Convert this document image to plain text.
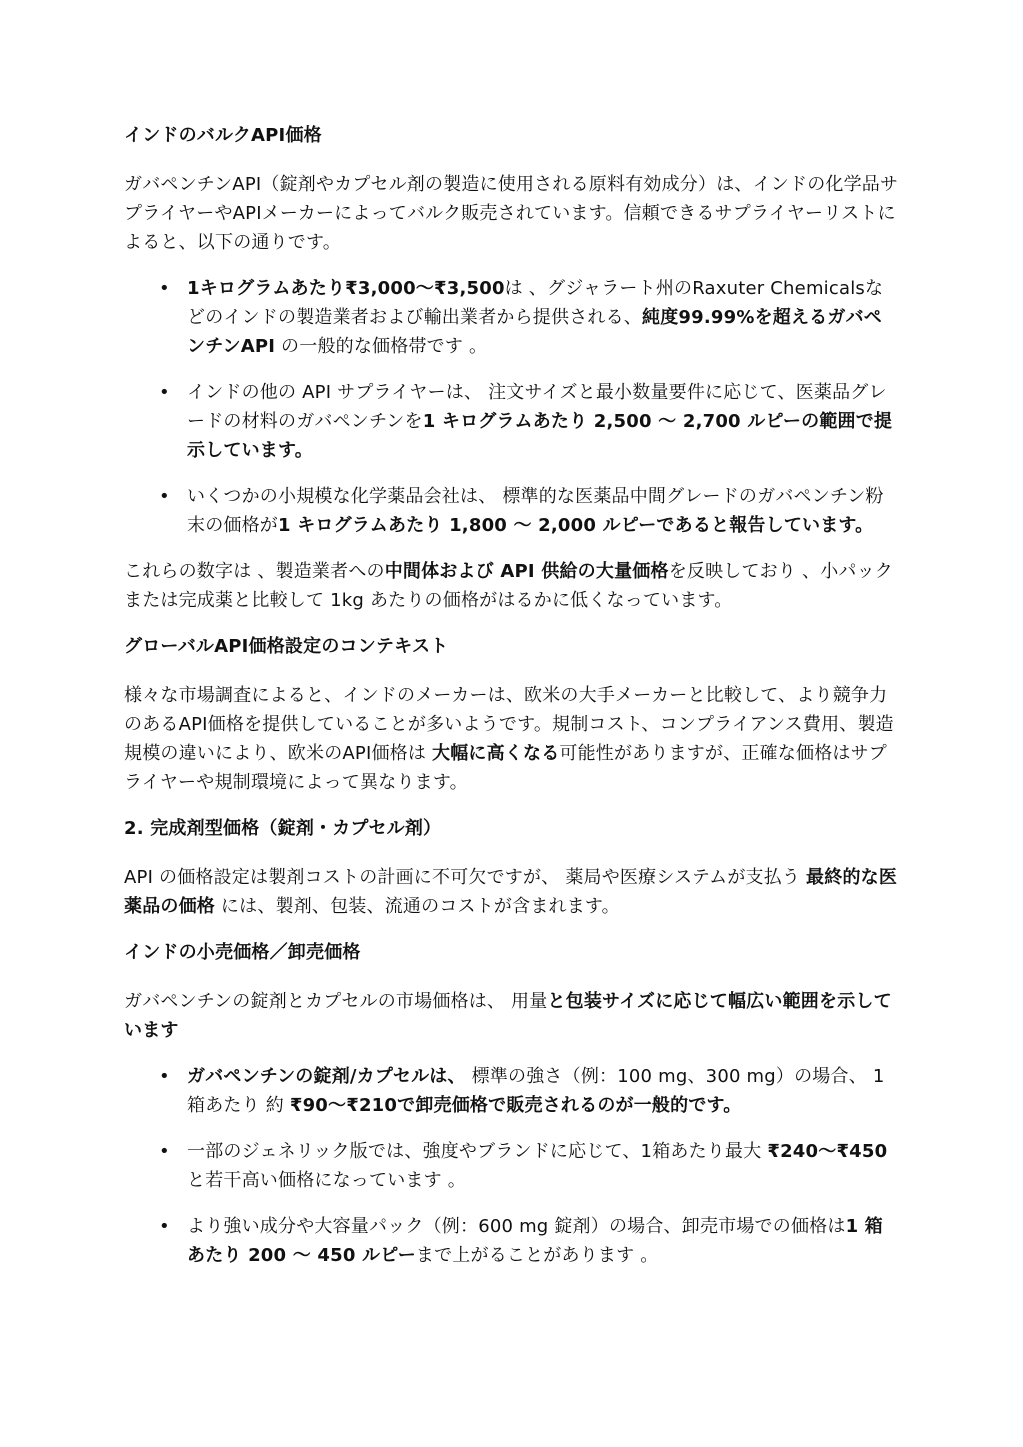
インドのバルクAPI価格

ガバペンチンAPI（錠剤やカプセル剤の製造に使用される原料有効成分）は、インドの化学品サプライヤーやAPIメーカーによってバルク販売されています。信頼できるサプライヤーリストによると、以下の通りです。

• 1キログラムあたり₹3,000〜₹3,500は 、グジャラート州のRaxuter Chemicalsなどのインドの製造業者および輸出業者から提供される、純度99.99%を超えるガバペンチンAPI の一般的な価格帯です 。
• インドの他の API サプライヤーは、 注文サイズと最小数量要件に応じて、医薬品グレードの材料のガバペンチンを1 キログラムあたり 2,500 〜 2,700 ルピーの範囲で提示しています。
• いくつかの小規模な化学薬品会社は、 標準的な医薬品中間グレードのガバペンチン粉末の価格が1 キログラムあたり 1,800 〜 2,000 ルピーであると報告しています。

これらの数字は 、製造業者への中間体および API 供給の大量価格を反映しており 、小パックまたは完成薬と比較して 1kg あたりの価格がはるかに低くなっています。

グローバルAPI価格設定のコンテキスト

様々な市場調査によると、インドのメーカーは、欧米の大手メーカーと比較して、より競争力のあるAPI価格を提供していることが多いようです。規制コスト、コンプライアンス費用、製造規模の違いにより、欧米のAPI価格は 大幅に高くなる可能性がありますが、正確な価格はサプライヤーや規制環境によって異なります。

2. 完成剤型価格（錠剤・カプセル剤）

API の価格設定は製剤コストの計画に不可欠ですが、 薬局や医療システムが支払う 最終的な医薬品の価格 には、製剤、包装、流通のコストが含まれます。

インドの小売価格／卸売価格

ガバペンチンの錠剤とカプセルの市場価格は、 用量と包装サイズに応じて幅広い範囲を示しています

• ガバペンチンの錠剤/カプセルは、 標準の強さ（例：100 mg、300 mg）の場合、 1箱あたり 約 ₹90〜₹210で卸売価格で販売されるのが一般的です。
• 一部のジェネリック版では、強度やブランドに応じて、1箱あたり最大 ₹240〜₹450と若干高い価格になっています 。
• より強い成分や大容量パック（例：600 mg 錠剤）の場合、卸売市場での価格は1 箱あたり 200 〜 450 ルピーまで上がることがあります 。
